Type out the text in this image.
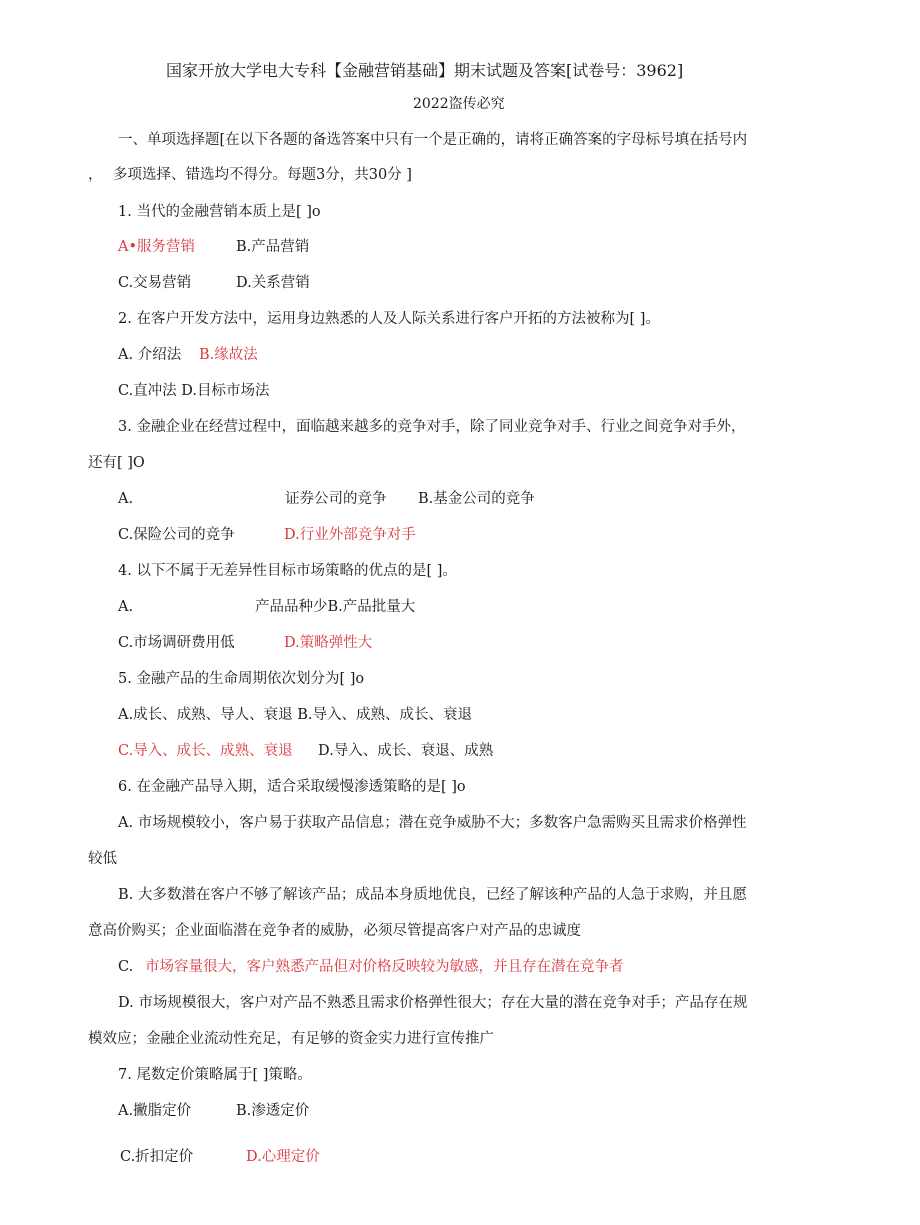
国家开放大学电大专科【金融营销基础】期末试题及答案[试卷号：3962]
2022盗传必究
一、单项选择题[在以下各题的备选答案中只有一个是正确的，请将正确答案的字母标号填在括号内
， 多项选择、错选均不得分。每题3分，共30分 ]
1. 当代的金融营销本质上是[ ]o
A•服务营销	B.产品营销
C.交易营销	D.关系营销
2. 在客户开发方法中，运用身边熟悉的人及人际关系进行客户开拓的方法被称为[ ]。
A. 介绍法 B.缘故法
C.直冲法 D.目标市场法
3. 金融企业在经营过程中，面临越来越多的竞争对手，除了同业竞争对手、行业之间竞争对手外，
还有[ ]O
A.	证券公司的竞争 B.基金公司的竞争
C.保险公司的竞争	D.行业外部竞争对手
4. 以下不属于无差异性目标市场策略的优点的是[ ]。
A.	产品品种少B.产品批量大
C.市场调研费用低	D.策略弹性大
5. 金融产品的生命周期依次划分为[ ]o
A.成长、成熟、导人、衰退 B.导入、成熟、成长、衰退
C.导入、成长、成熟、衰退 D.导入、成长、衰退、成熟
6. 在金融产品导入期，适合采取缓慢渗透策略的是[ ]o
A. 市场规模较小，客户易于获取产品信息；潜在竞争威胁不大；多数客户急需购买且需求价格弹性
较低
B. 大多数潜在客户不够了解该产品；成品本身质地优良，已经了解该种产品的人急于求购，并且愿
意高价购买；企业面临潜在竞争者的威胁，必须尽管提高客户对产品的忠诚度
C. 市场容量很大，客户熟悉产品但对价格反映较为敏感，并且存在潜在竞争者
D. 市场规模很大，客户对产品不熟悉且需求价格弹性很大；存在大量的潜在竞争对手；产品存在规
模效应；金融企业流动性充足，有足够的资金实力进行宣传推广
7. 尾数定价策略属于[ ]策略。
A.撇脂定价	B.渗透定价
C.折扣定价	D.心理定价
